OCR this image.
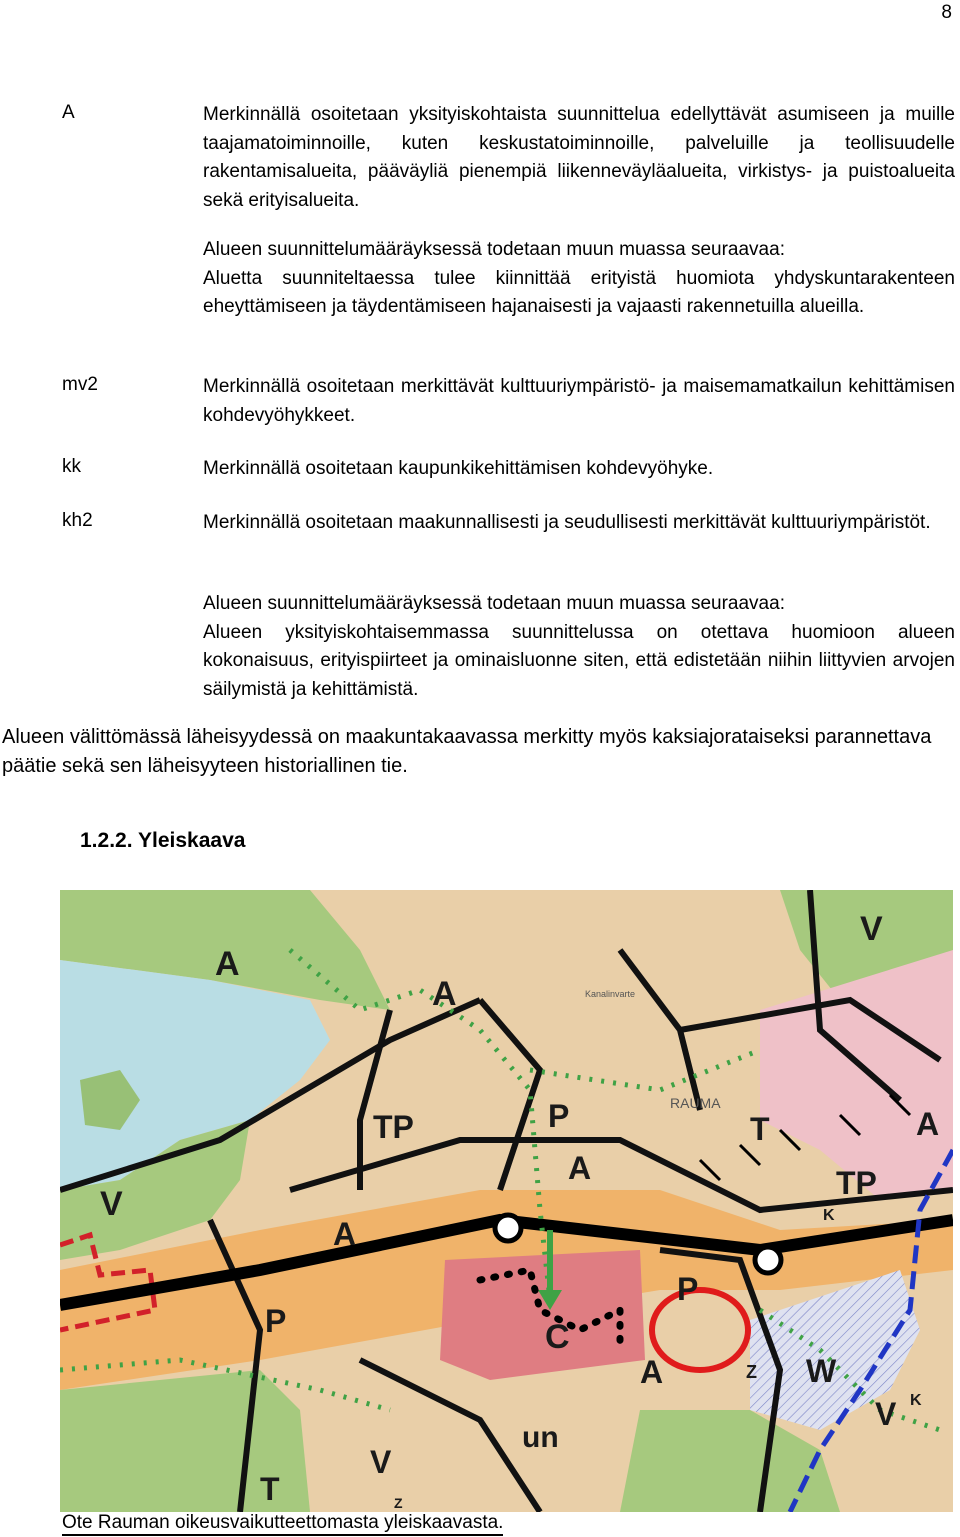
8
A	Merkinnällä osoitetaan yksityiskohtaista suunnittelua edellyttävät asumiseen ja muille taajamatoiminnoille, kuten keskustatoiminnoille, palveluille ja teollisuudelle rakentamisalueita, pääväyliä pienempiä liikenneväyläalueita, virkistys- ja puistoalueita sekä erityisalueita.
Alueen suunnittelumääräyksessä todetaan muun muassa seuraavaa:
Aluetta suunniteltaessa tulee kiinnittää erityistä huomiota yhdyskuntarakenteen eheyttämiseen ja täydentämiseen hajanaisesti ja vajaasti rakennetuilla alueilla.
mv2	Merkinnällä osoitetaan merkittävät kulttuuriympäristö- ja maisemamatkailun kehittämisen kohdevyöhykkeet.
kk	Merkinnällä osoitetaan kaupunkikehittämisen kohdevyöhyke.
kh2	Merkinnällä osoitetaan maakunnallisesti ja seudullisesti merkittävät kulttuuriympäristöt.
Alueen suunnittelumääräyksessä todetaan muun muassa seuraavaa:
Alueen yksityiskohtaisemmassa suunnittelussa on otettava huomioon alueen kokonaisuus, erityispiirteet ja ominaisluonne siten, että edistetään niihin liittyvien arvojen säilymistä ja kehittämistä.
Alueen välittömässä läheisyydessä on maakuntakaavassa merkitty myös kaksiajorataiseksi parannettava päätie sekä sen läheisyyteen historiallinen tie.
1.2.2. Yleiskaava
A
A
V
TP	P
A
T	A
TP
V
A
P	C
P
A	Z W
K
K
V
un
V
T	Z
RAUMA
Kanalinvarte
Ote Rauman oikeusvaikutteettomasta yleiskaavasta.
